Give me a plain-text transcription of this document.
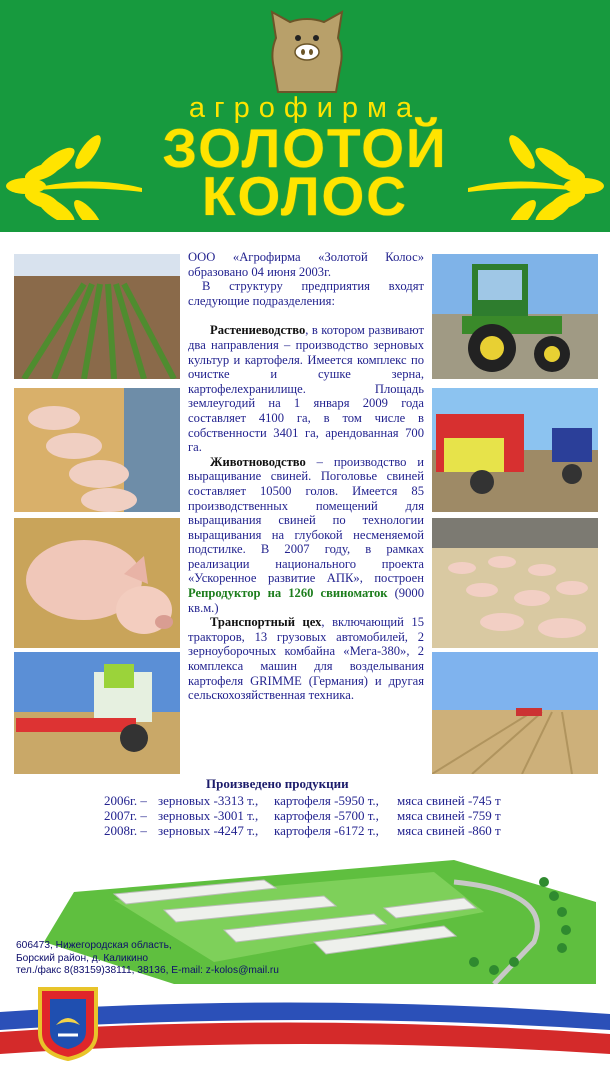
агрофирма
ЗОЛОТОЙ
КОЛОС

ООО «Агрофирма «Золотой Колос» образовано 04 июня 2003г.

В структуру предприятия входят следующие подразделения:

Растениеводство, в котором развивают два направления – производство зерновых культур и картофеля. Имеется комплекс по очистке и сушке зерна, картофелехранилище. Площадь землеугодий на 1 января 2009 года составляет 4100 га, в том числе в собственности 3401 га, арендованная 700 га.

Животноводство – производство и выращивание свиней. Поголовье свиней составляет 10500 голов. Имеется 85 производственных помещений для выращивания свиней по технологии выращивания на глубокой несменяемой подстилке. В 2007 году, в рамках реализации национального проекта «Ускоренное развитие АПК», построен Репродуктор на 1260 свиноматок (9000 кв.м.)

Транспортный цех, включающий 15 тракторов, 13 грузовых автомобилей, 2 зерноуборочных комбайна «Мега-380», 2 комплекса машин для возделывания картофеля GRIMME (Германия) и другая сельскохозяйственная техника.

Произведено продукции
2006г. – зерновых -3313 т., картофеля -5950 т., мяса свиней -745 т
2007г. – зерновых -3001 т., картофеля -5700 т., мяса свиней -759 т
2008г. – зерновых -4247 т., картофеля -6172 т., мяса свиней -860 т
606473, Нижегородская область,
Борский район, д. Каликино
тел./факс 8(83159)38111, 38136, E-mail: z-kolos@mail.ru
